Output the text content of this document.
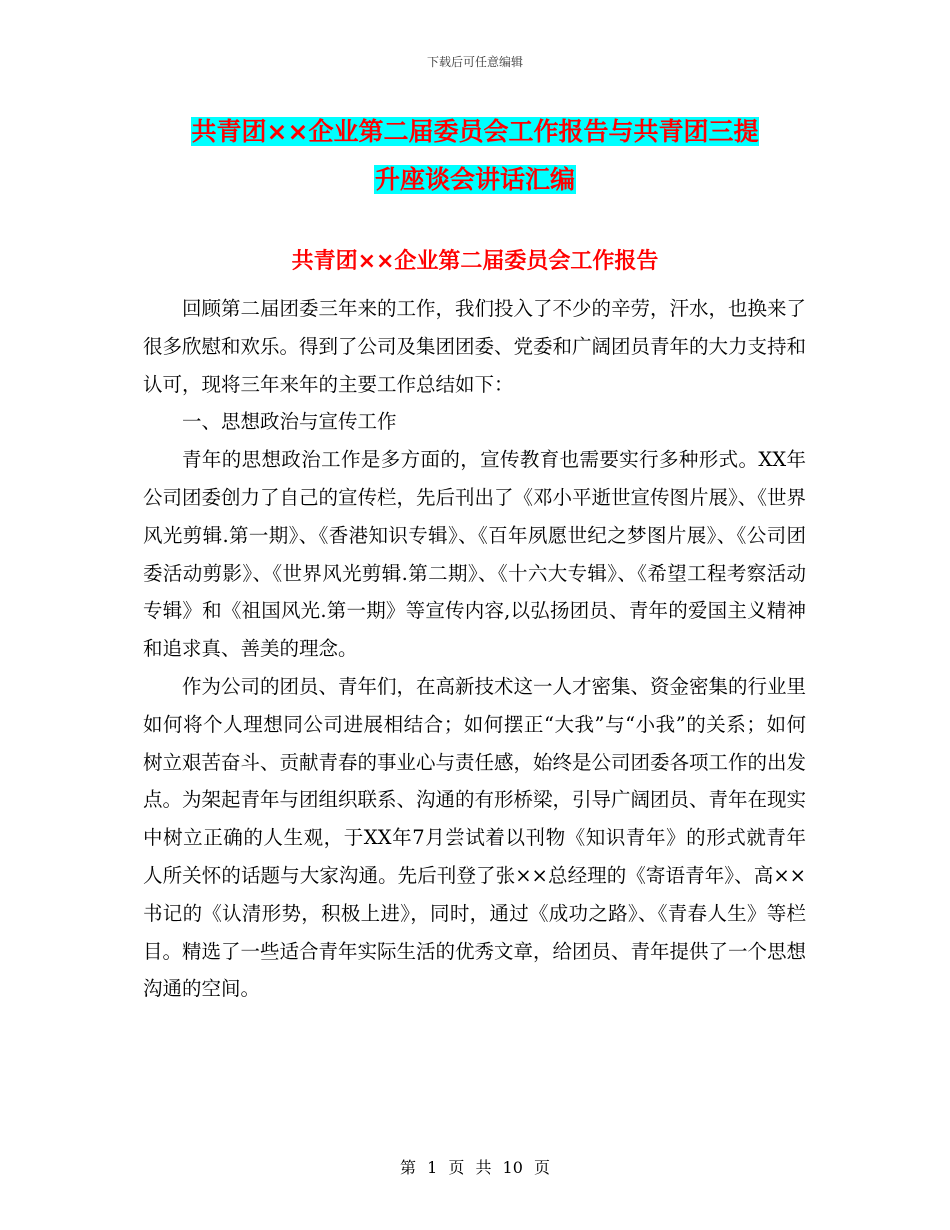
下载后可任意编辑
共青团××企业第二届委员会工作报告与共青团三提
升座谈会讲话汇编
共青团××企业第二届委员会工作报告

回顾第二届团委三年来的工作，我们投入了不少的辛劳，汗水，也换来了很多欣慰和欢乐。得到了公司及集团团委、党委和广阔团员青年的大力支持和认可，现将三年来年的主要工作总结如下：

一、思想政治与宣传工作

青年的思想政治工作是多方面的，宣传教育也需要实行多种形式。XX年公司团委创力了自己的宣传栏，先后刊出了《邓小平逝世宣传图片展》、《世界风光剪辑.第一期》、《香港知识专辑》、《百年夙愿世纪之梦图片展》、《公司团委活动剪影》、《世界风光剪辑.第二期》、《十六大专辑》、《希望工程考察活动专辑》和《祖国风光.第一期》等宣传内容,以弘扬团员、青年的爱国主义精神和追求真、善美的理念。

作为公司的团员、青年们，在高新技术这一人才密集、资金密集的行业里如何将个人理想同公司进展相结合；如何摆正“大我”与“小我”的关系；如何树立艰苦奋斗、贡献青春的事业心与责任感，始终是公司团委各项工作的出发点。为架起青年与团组织联系、沟通的有形桥梁，引导广阔团员、青年在现实中树立正确的人生观，于XX年7月尝试着以刊物《知识青年》的形式就青年人所关怀的话题与大家沟通。先后刊登了张××总经理的《寄语青年》、高××书记的《认清形势，积极上进》，同时，通过《成功之路》、《青春人生》等栏目。精选了一些适合青年实际生活的优秀文章，给团员、青年提供了一个思想沟通的空间。

第 1 页 共 10 页
